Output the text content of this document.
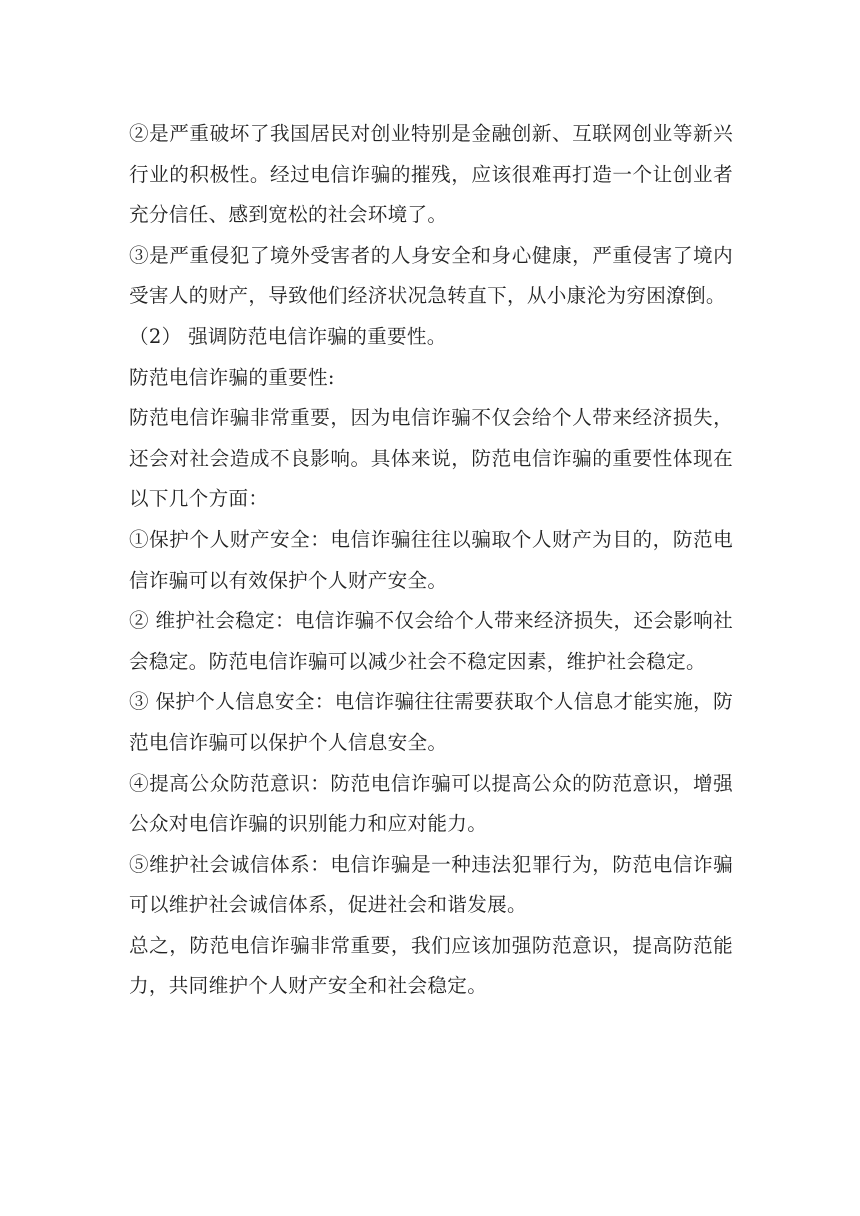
②是严重破坏了我国居民对创业特别是金融创新、互联网创业等新兴行业的积极性。经过电信诈骗的摧残，应该很难再打造一个让创业者充分信任、感到宽松的社会环境了。

③是严重侵犯了境外受害者的人身安全和身心健康，严重侵害了境内受害人的财产，导致他们经济状况急转直下，从小康沦为穷困潦倒。

（2） 强调防范电信诈骗的重要性。

防范电信诈骗的重要性:

防范电信诈骗非常重要，因为电信诈骗不仅会给个人带来经济损失，还会对社会造成不良影响。具体来说，防范电信诈骗的重要性体现在以下几个方面：

①保护个人财产安全：电信诈骗往往以骗取个人财产为目的，防范电信诈骗可以有效保护个人财产安全。

② 维护社会稳定：电信诈骗不仅会给个人带来经济损失，还会影响社会稳定。防范电信诈骗可以减少社会不稳定因素，维护社会稳定。

③ 保护个人信息安全：电信诈骗往往需要获取个人信息才能实施，防范电信诈骗可以保护个人信息安全。

④提高公众防范意识：防范电信诈骗可以提高公众的防范意识，增强公众对电信诈骗的识别能力和应对能力。

⑤维护社会诚信体系：电信诈骗是一种违法犯罪行为，防范电信诈骗可以维护社会诚信体系，促进社会和谐发展。

总之，防范电信诈骗非常重要，我们应该加强防范意识，提高防范能力，共同维护个人财产安全和社会稳定。
